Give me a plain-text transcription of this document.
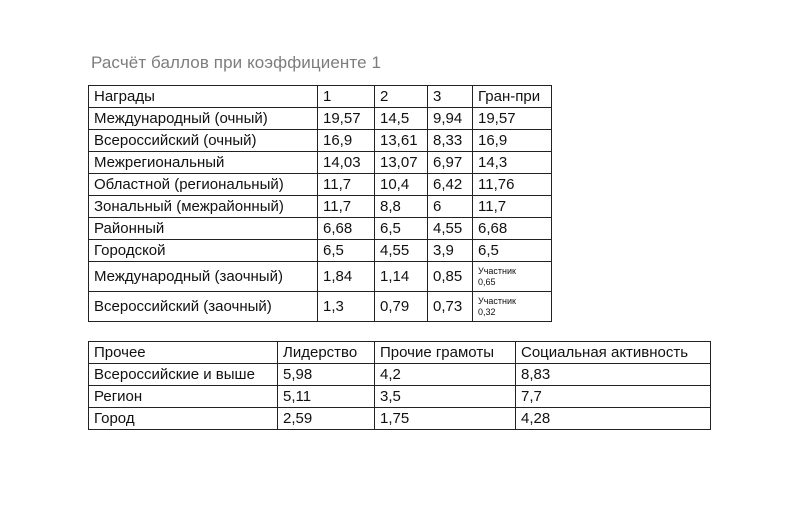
Расчёт баллов при коэффициенте 1
Награды	1	2	3	Гран-при
Международный (очный)	19,57	14,5	9,94	19,57
Всероссийский (очный)	16,9	13,61	8,33	16,9
Межрегиональный	14,03	13,07	6,97	14,3
Областной (региональный)	11,7	10,4	6,42	11,76
Зональный (межрайонный)	11,7	8,8	6	11,7
Районный	6,68	6,5	4,55	6,68
Городской	6,5	4,55	3,9	6,5
Международный (заочный)	1,84	1,14	0,85	Участник
0,65

Всероссийский (заочный)	1,3	0,79	0,73	Участник
0,32
Прочее	Лидерство	Прочие грамоты	Социальная активность
Всероссийские и выше	5,98	4,2	8,83
Регион	5,11	3,5	7,7
Город	2,59	1,75	4,28
